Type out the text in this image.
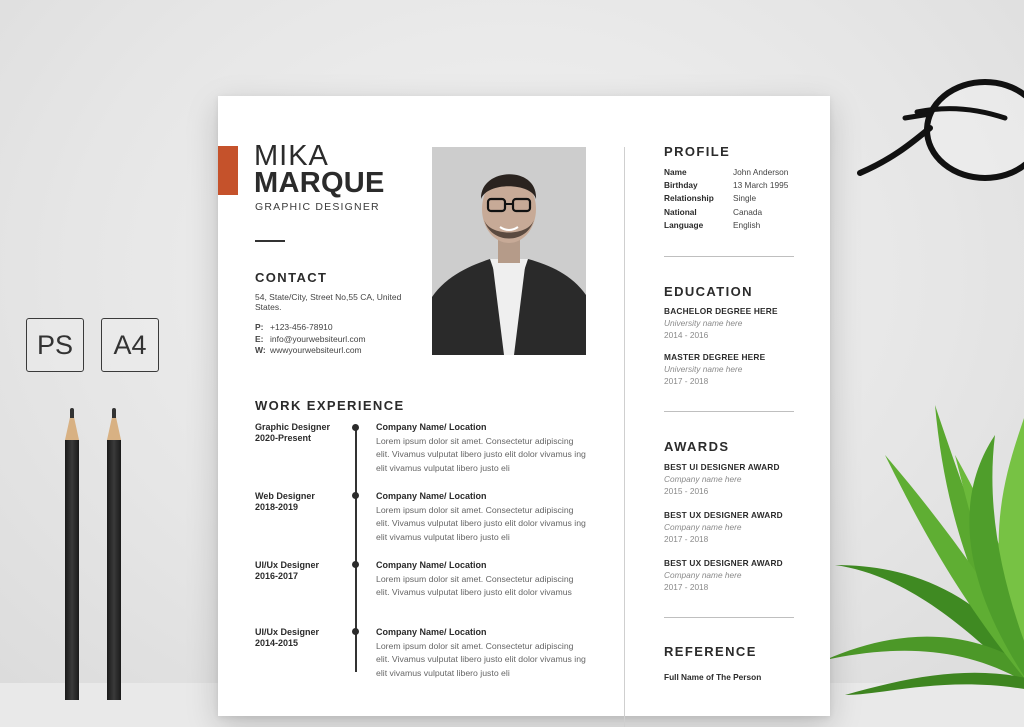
PS	A4
MIKA
MARQUE
GRAPHIC DESIGNER
CONTACT
54, State/City, Street No,55 CA, United States.
P: +123-456-78910
E: info@yourwebsiteurl.com
W: wwwyourwebsiteurl.com
WORK EXPERIENCE
Graphic Designer
2020-Present
Company Name/ Location
Lorem ipsum dolor sit amet. Consectetur adipiscing elit. Vivamus vulputat libero justo elit dolor vivamus ing elit vivamus vulputat libero justo eli
Web Designer
2018-2019
Company Name/ Location
Lorem ipsum dolor sit amet. Consectetur adipiscing elit. Vivamus vulputat libero justo elit dolor vivamus ing elit vivamus vulputat libero justo eli
UI/Ux Designer
2016-2017
Company Name/ Location
Lorem ipsum dolor sit amet. Consectetur adipiscing elit. Vivamus vulputat libero justo elit dolor vivamus
UI/Ux Designer
2014-2015
Company Name/ Location
Lorem ipsum dolor sit amet. Consectetur adipiscing elit. Vivamus vulputat libero justo elit dolor vivamus ing elit vivamus vulputat libero justo eli
PROFILE
Name	John Anderson
Birthday	13 March 1995
Relationship	Single
National	Canada
Language	English
EDUCATION
BACHELOR DEGREE HERE
University name here
2014 - 2016
MASTER DEGREE HERE
University name here
2017 - 2018
AWARDS
BEST UI DESIGNER AWARD
Company name here
2015 - 2016
BEST UX DESIGNER AWARD
Company name here
2017 - 2018
BEST UX DESIGNER AWARD
Company name here
2017 - 2018
REFERENCE
Full Name of The Person
